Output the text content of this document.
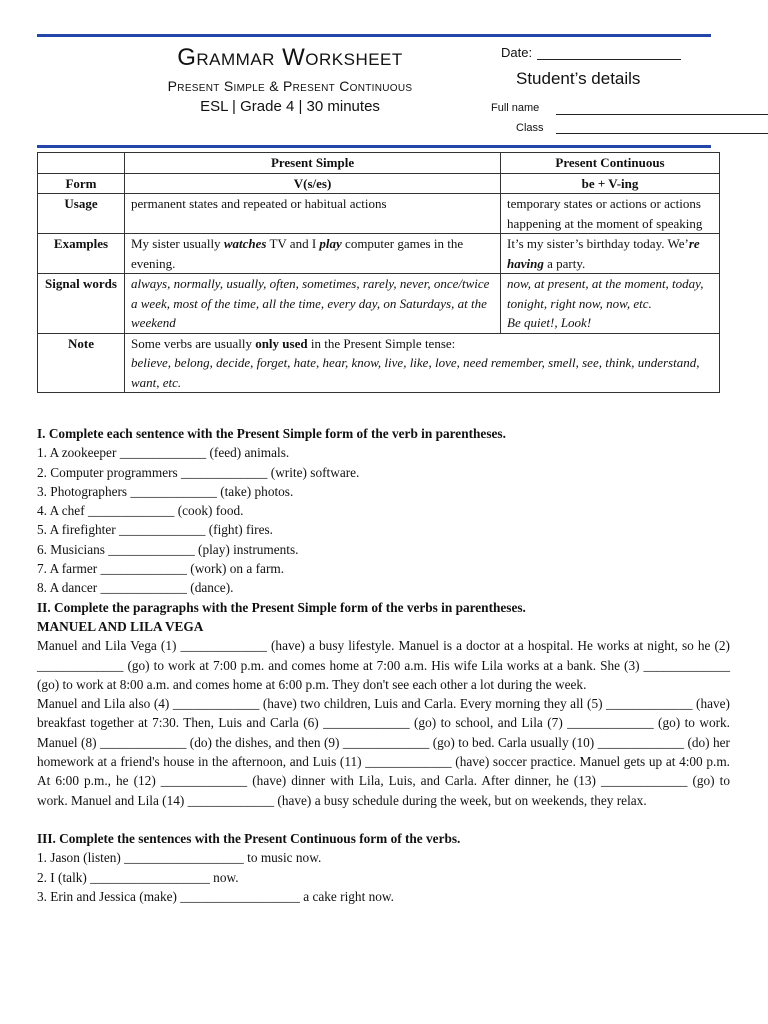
Grammar Worksheet
Present Simple & Present Continuous
ESL | Grade 4 | 30 minutes
Date:
Student’s details
Full name
Class
	Present Simple	Present Continuous
Form	V(s/es)	be + V-ing
Usage	permanent states and repeated or habitual actions	temporary states or actions or actions happening at the moment of speaking
Examples	My sister usually watches TV and I play computer games in the evening.	It’s my sister’s birthday today. We’re having a party.
Signal words	always, normally, usually, often, sometimes, rarely, never, once/twice a week, most of the time, all the time, every day, on Saturdays, at the weekend	now, at present, at the moment, today, tonight, right now, now, etc.
Be quiet!, Look!

Note	Some verbs are usually only used in the Present Simple tense:
believe, belong, decide, forget, hate, hear, know, live, like, love, need remember, smell, see, think, understand, want, etc.	

I. Complete each sentence with the Present Simple form of the verb in parentheses.

1. A zookeeper _____________ (feed) animals.

2. Computer programmers _____________ (write) software.

3. Photographers _____________ (take) photos.

4. A chef _____________ (cook) food.

5. A firefighter _____________ (fight) fires.

6. Musicians _____________ (play) instruments.

7. A farmer _____________ (work) on a farm.

8. A dancer _____________ (dance).

II. Complete the paragraphs with the Present Simple form of the verbs in parentheses.

MANUEL AND LILA VEGA

Manuel and Lila Vega (1) _____________ (have) a busy lifestyle. Manuel is a doctor at a hospital. He works at night, so he (2) _____________ (go) to work at 7:00 p.m. and comes home at 7:00 a.m. His wife Lila works at a bank. She (3) _____________ (go) to work at 8:00 a.m. and comes home at 6:00 p.m. They don't see each other a lot during the week.

Manuel and Lila also (4) _____________ (have) two children, Luis and Carla. Every morning they all (5) _____________ (have) breakfast together at 7:30. Then, Luis and Carla (6) _____________ (go) to school, and Lila (7) _____________ (go) to work. Manuel (8) _____________ (do) the dishes, and then (9) _____________ (go) to bed. Carla usually (10) _____________ (do) her homework at a friend's house in the afternoon, and Luis (11) _____________ (have) soccer practice. Manuel gets up at 4:00 p.m. At 6:00 p.m., he (12) _____________ (have) dinner with Lila, Luis, and Carla. After dinner, he (13) _____________ (go) to work. Manuel and Lila (14) _____________ (have) a busy schedule during the week, but on weekends, they relax.

III. Complete the sentences with the Present Continuous form of the verbs.

1. Jason (listen) __________________ to music now.

2. I (talk) __________________ now.

3. Erin and Jessica (make) __________________ a cake right now.
